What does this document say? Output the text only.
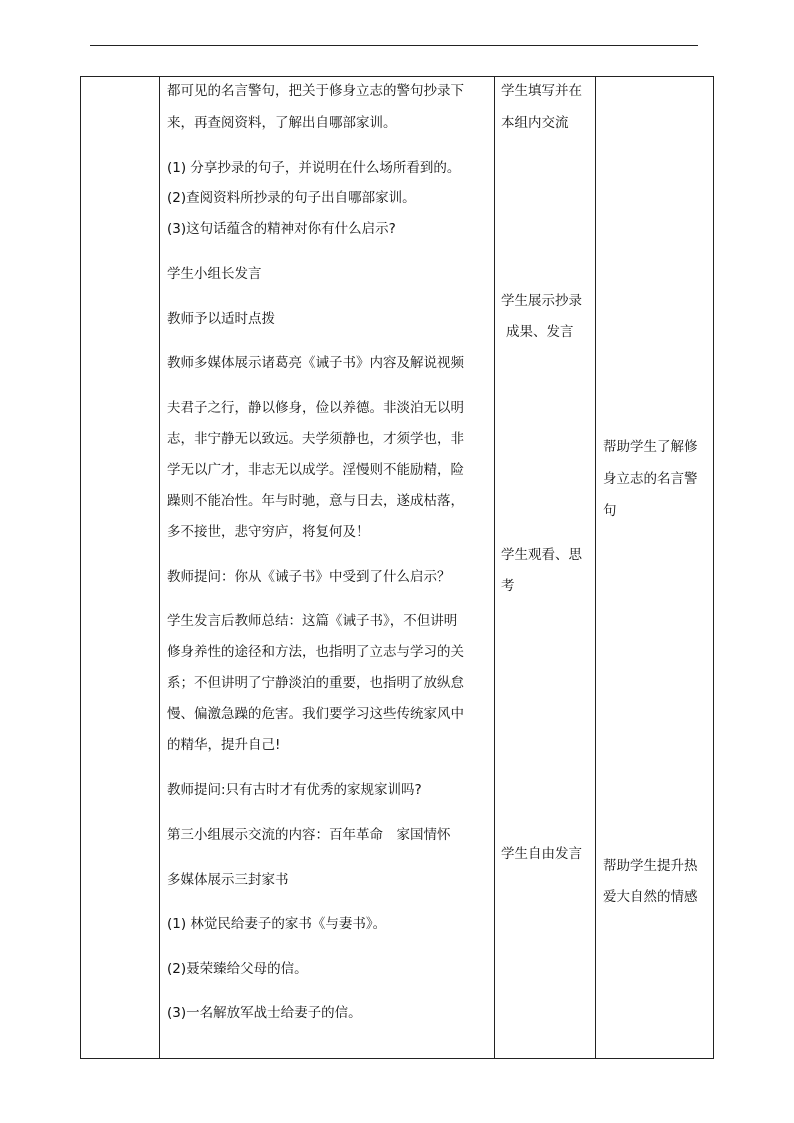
都可见的名言警句，把关于修身立志的警句抄录下

来，再查阅资料，了解出自哪部家训。

(1) 分享抄录的句子，并说明在什么场所看到的。

(2)查阅资料所抄录的句子出自哪部家训。

(3)这句话蕴含的精神对你有什么启示?

学生小组长发言

教师予以适时点拨

教师多媒体展示诸葛亮《诫子书》内容及解说视频

夫君子之行，静以修身，俭以养德。非淡泊无以明

志，非宁静无以致远。夫学须静也，才须学也，非

学无以广才，非志无以成学。淫慢则不能励精，险

躁则不能冶性。年与时驰，意与日去，遂成枯落，

多不接世，悲守穷庐，将复何及！

教师提问：你从《诫子书》中受到了什么启示？

学生发言后教师总结：这篇《诫子书》，不但讲明

修身养性的途径和方法，也指明了立志与学习的关

系；不但讲明了宁静淡泊的重要，也指明了放纵怠

慢、偏激急躁的危害。我们要学习这些传统家风中

的精华，提升自己!

教师提问:只有古时才有优秀的家规家训吗?

第三小组展示交流的内容：百年革命　家国情怀

多媒体展示三封家书

(1) 林觉民给妻子的家书《与妻书》。

(2)聂荣臻给父母的信。

(3)一名解放军战士给妻子的信。

学生填写并在

本组内交流

学生展示抄录

成果、发言

学生观看、思

考

学生自由发言

帮助学生了解修

身立志的名言警

句

帮助学生提升热

爱大自然的情感
